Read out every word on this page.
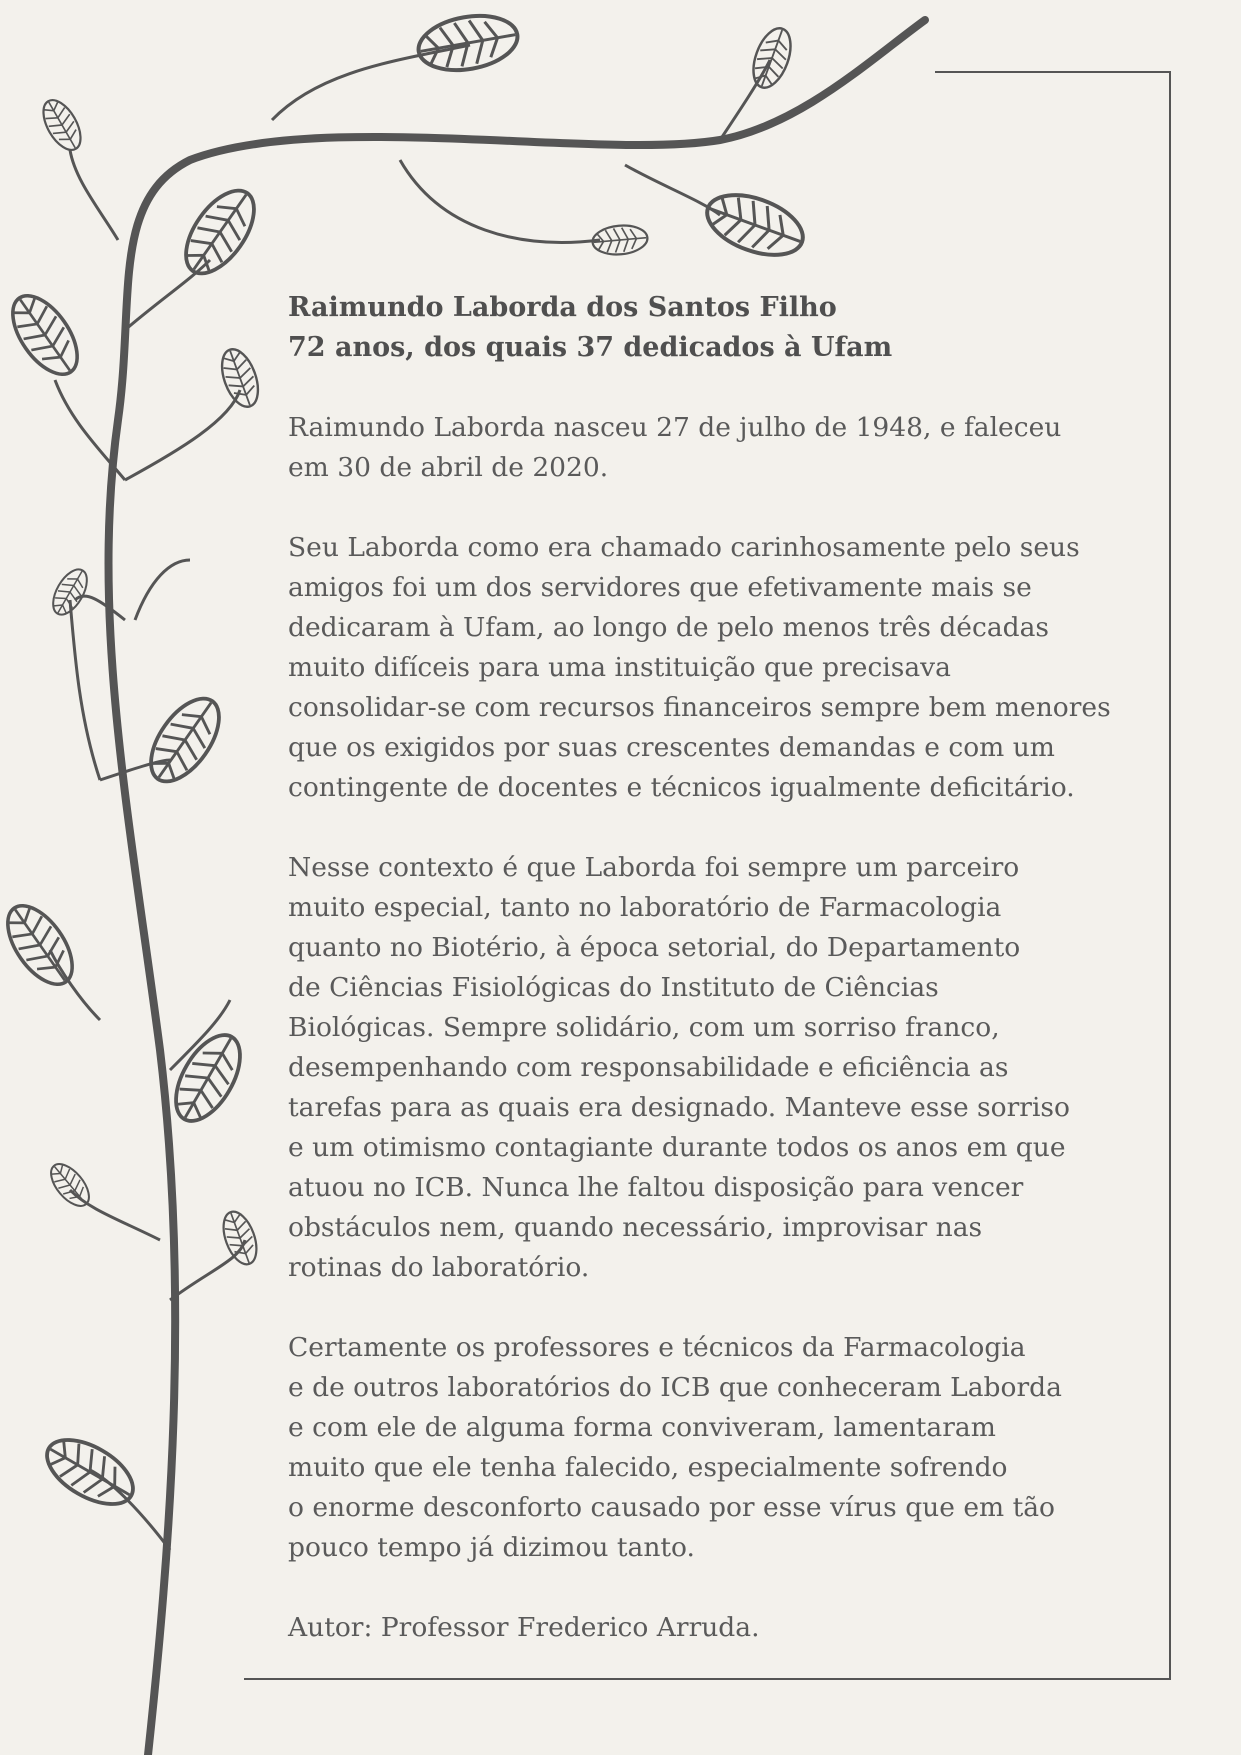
Raimundo Laborda dos Santos Filho
72 anos, dos quais 37 dedicados à Ufam

Raimundo Laborda nasceu 27 de julho de 1948, e faleceu
em 30 de abril de 2020.

Seu Laborda como era chamado carinhosamente pelo seus
amigos foi um dos servidores que efetivamente mais se
dedicaram à Ufam, ao longo de pelo menos três décadas
muito difíceis para uma instituição que precisava
consolidar-se com recursos financeiros sempre bem menores
que os exigidos por suas crescentes demandas e com um
contingente de docentes e técnicos igualmente deficitário.

Nesse contexto é que Laborda foi sempre um parceiro
muito especial, tanto no laboratório de Farmacologia
quanto no Biotério, à época setorial, do Departamento
de Ciências Fisiológicas do Instituto de Ciências
Biológicas. Sempre solidário, com um sorriso franco,
desempenhando com responsabilidade e eficiência as
tarefas para as quais era designado. Manteve esse sorriso
e um otimismo contagiante durante todos os anos em que
atuou no ICB. Nunca lhe faltou disposição para vencer
obstáculos nem, quando necessário, improvisar nas
rotinas do laboratório.

Certamente os professores e técnicos da Farmacologia
e de outros laboratórios do ICB que conheceram Laborda
e com ele de alguma forma conviveram, lamentaram
muito que ele tenha falecido, especialmente sofrendo
o enorme desconforto causado por esse vírus que em tão
pouco tempo já dizimou tanto.

Autor: Professor Frederico Arruda.
